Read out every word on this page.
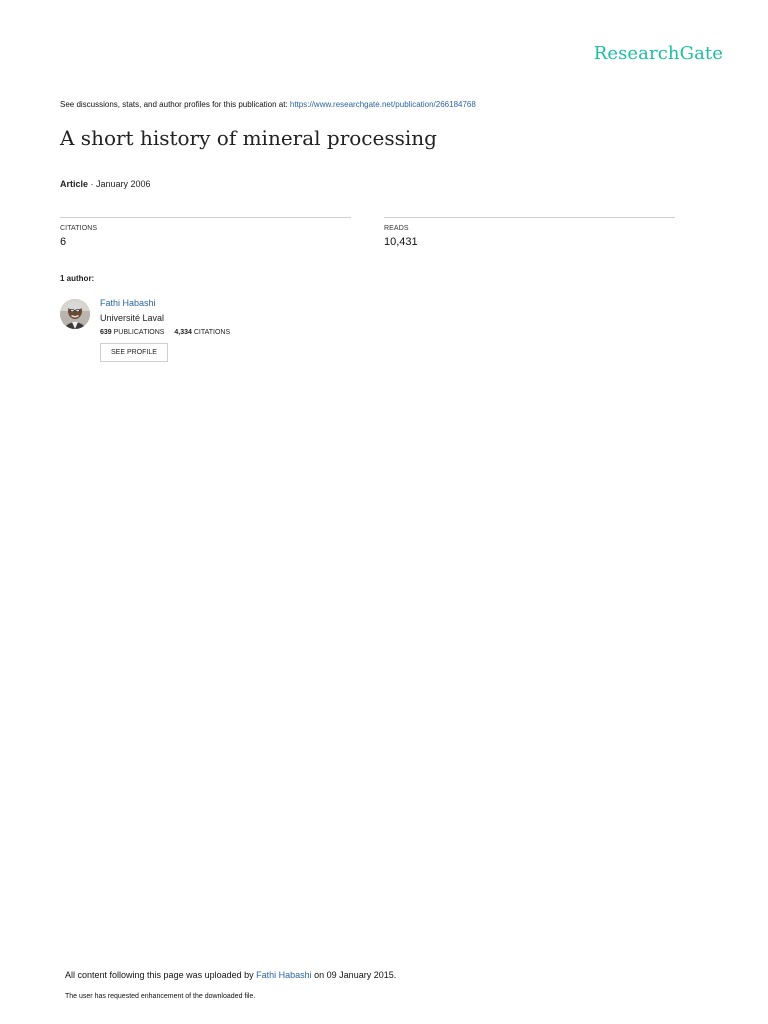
ResearchGate
See discussions, stats, and author profiles for this publication at: https://www.researchgate.net/publication/266184768
A short history of mineral processing
Article · January 2006
CITATIONS
6
READS
10,431
1 author:
Fathi Habashi
Université Laval
639 PUBLICATIONS 4,334 CITATIONS
SEE PROFILE
All content following this page was uploaded by Fathi Habashi on 09 January 2015.
The user has requested enhancement of the downloaded file.
